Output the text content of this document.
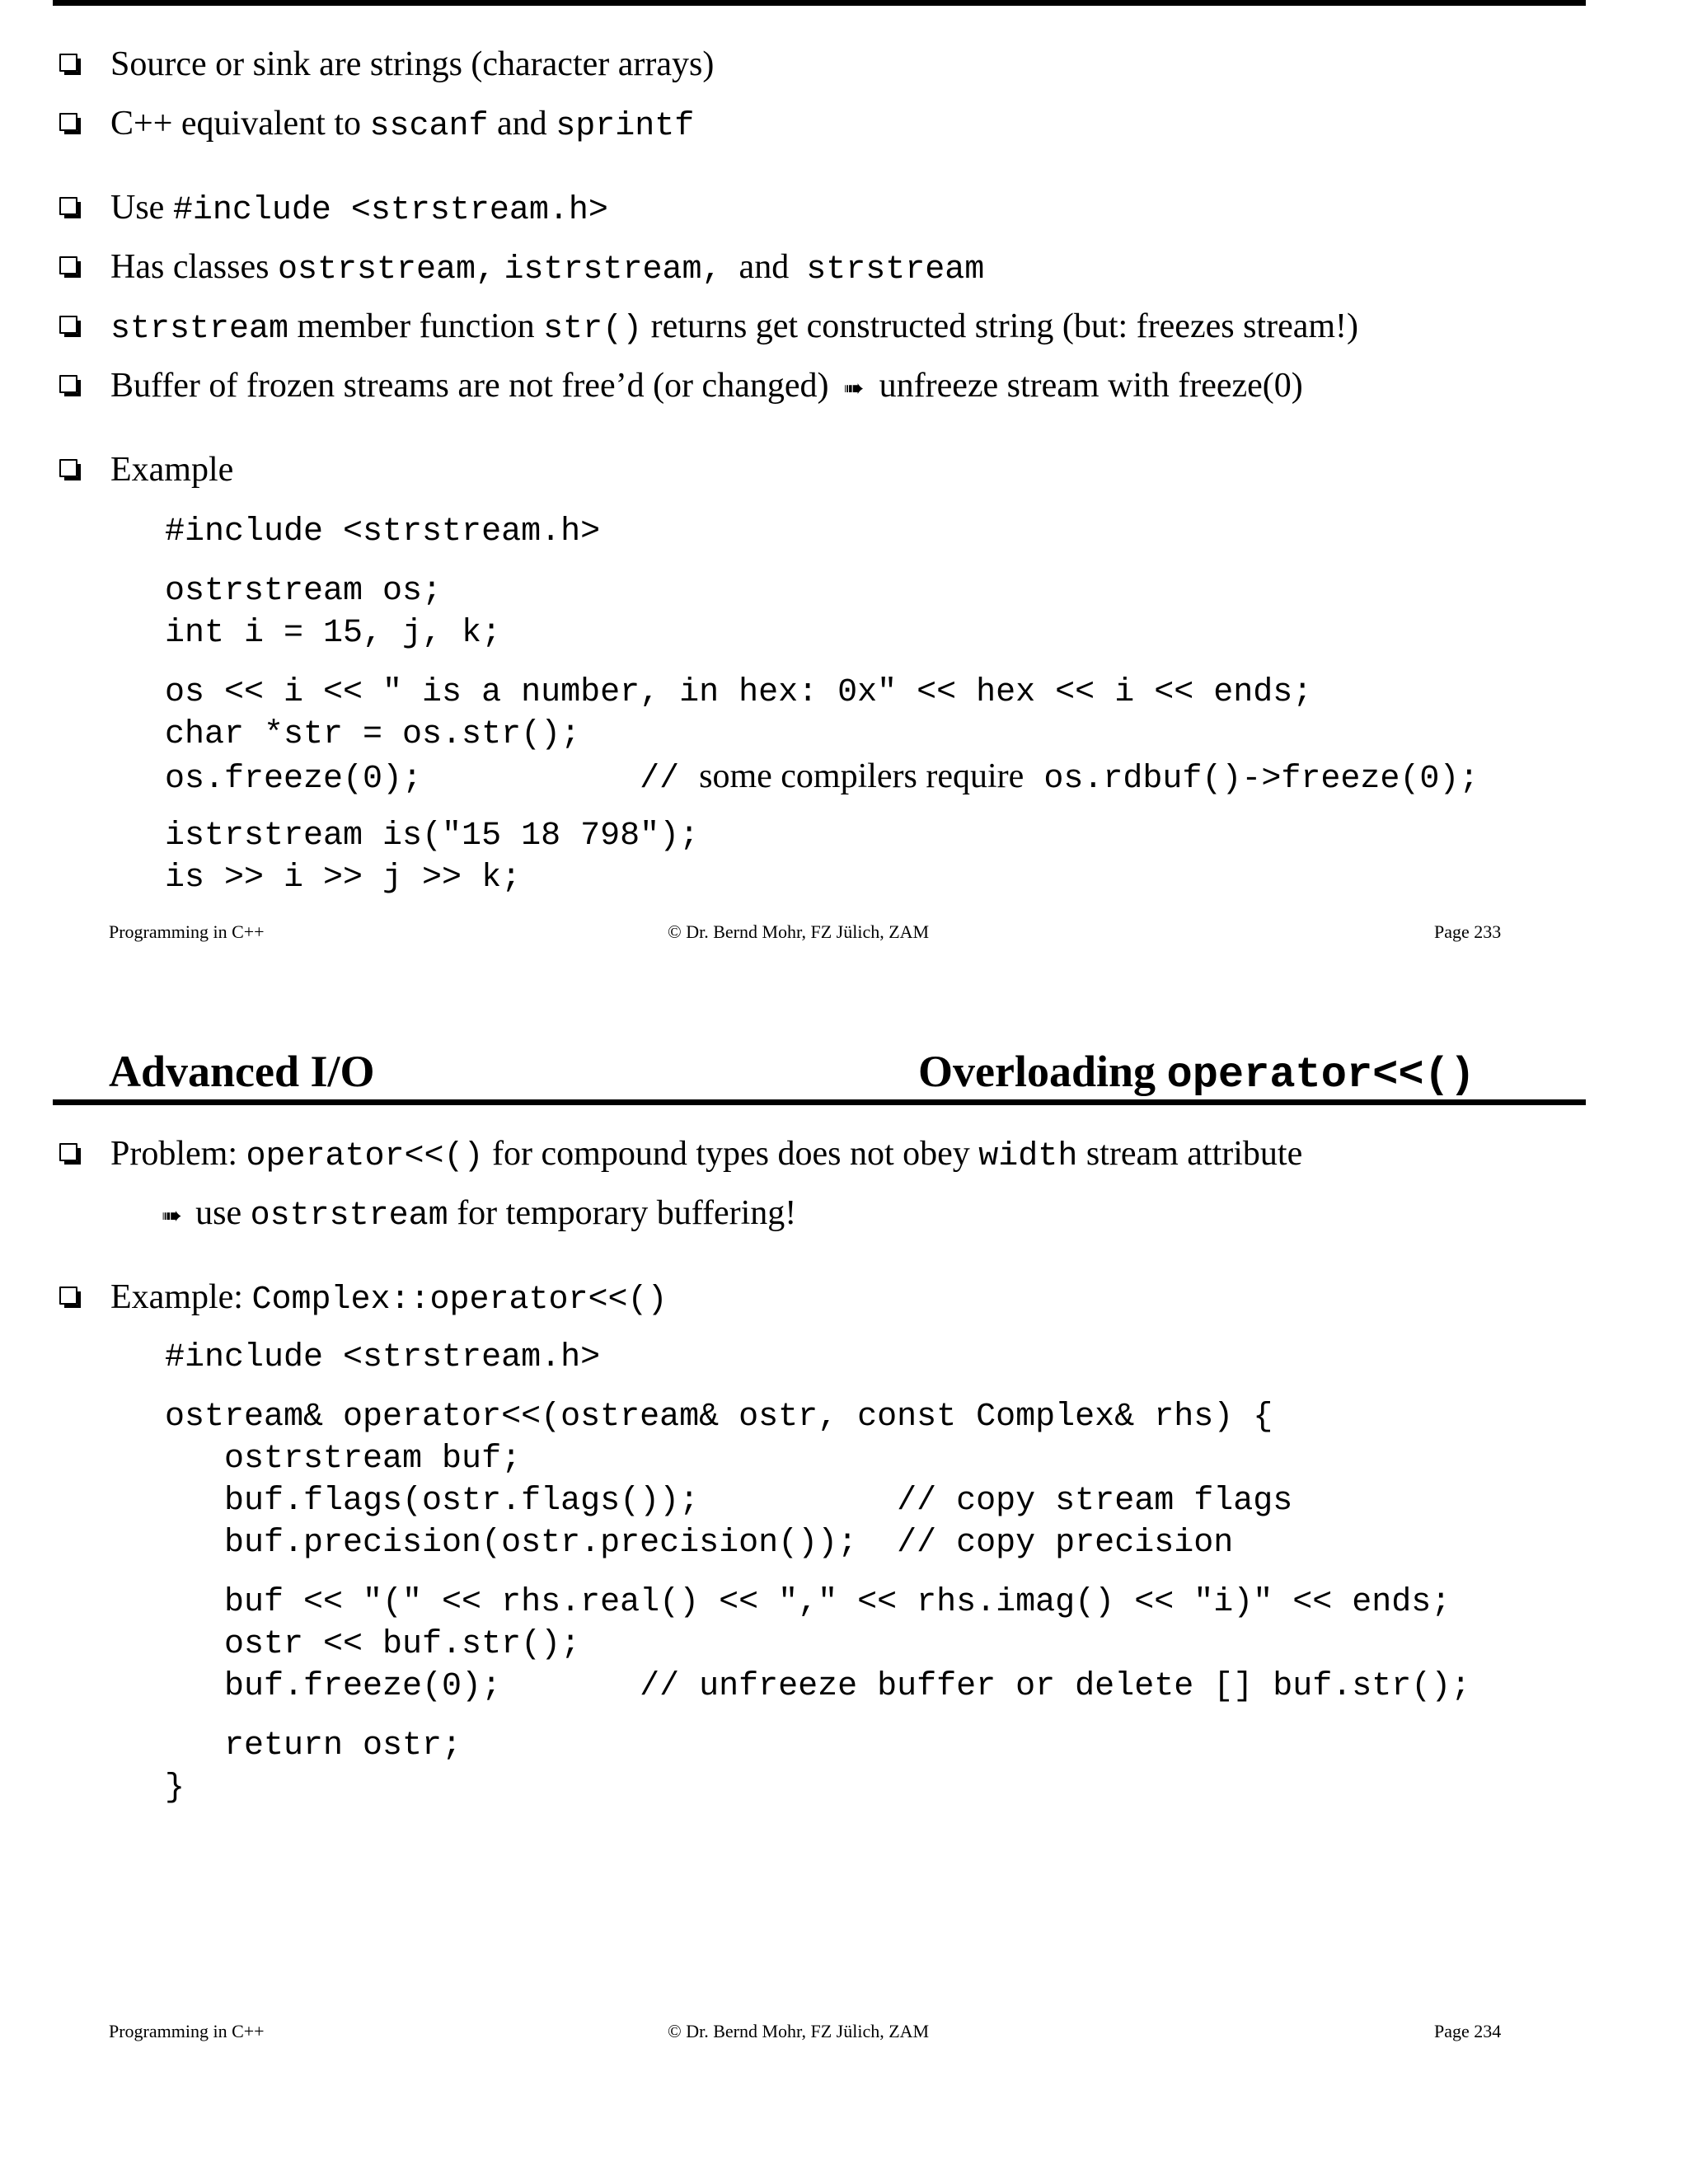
Source or sink are strings (character arrays)
C++ equivalent to sscanf and sprintf
Use #include <strstream.h>
Has classes ostrstream, istrstream,  and  strstream
strstream member function str() returns get constructed string (but: freezes stream!)
Buffer of frozen streams are not free’d (or changed) ➠ unfreeze stream with freeze(0)
Example
#include <strstream.h>
ostrstream os;
int i = 15, j, k;
os << i << " is a number, in hex: 0x" << hex << i << ends;
char *str = os.str();
os.freeze(0);           // some compilers require os.rdbuf()->freeze(0);
istrstream is("15 18 798");
is >> i >> j >> k;
Programming in C++	© Dr. Bernd Mohr, FZ Jülich, ZAM	Page 233
Advanced I/O	Overloading operator<<()
Problem: operator<<() for compound types does not obey width stream attribute
➠ use ostrstream for temporary buffering!
Example: Complex::operator<<()
#include <strstream.h>
ostream& operator<<(ostream& ostr, const Complex& rhs) {
ostrstream buf;
buf.flags(ostr.flags());          // copy stream flags
buf.precision(ostr.precision());  // copy precision
buf << "(" << rhs.real() << "," << rhs.imag() << "i)" << ends;
ostr << buf.str();
buf.freeze(0);       // unfreeze buffer or delete [] buf.str();
return ostr;
}
Programming in C++	© Dr. Bernd Mohr, FZ Jülich, ZAM	Page 234
